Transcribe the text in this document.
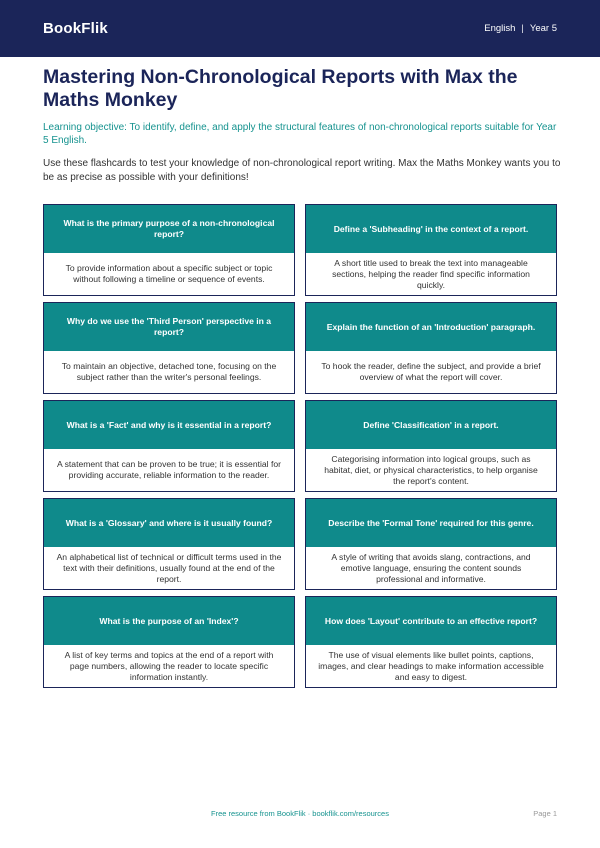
BookFlik	English | Year 5
Mastering Non-Chronological Reports with Max the Maths Monkey

Learning objective: To identify, define, and apply the structural features of non-chronological reports suitable for Year 5 English.

Use these flashcards to test your knowledge of non-chronological report writing. Max the Maths Monkey wants you to be as precise as possible with your definitions!

What is the primary purpose of a non-chronological report?
To provide information about a specific subject or topic without following a timeline or sequence of events.
Define a 'Subheading' in the context of a report.
A short title used to break the text into manageable sections, helping the reader find specific information quickly.
Why do we use the 'Third Person' perspective in a report?
To maintain an objective, detached tone, focusing on the subject rather than the writer's personal feelings.
Explain the function of an 'Introduction' paragraph.
To hook the reader, define the subject, and provide a brief overview of what the report will cover.
What is a 'Fact' and why is it essential in a report?
A statement that can be proven to be true; it is essential for providing accurate, reliable information to the reader.
Define 'Classification' in a report.
Categorising information into logical groups, such as habitat, diet, or physical characteristics, to help organise the report's content.
What is a 'Glossary' and where is it usually found?
An alphabetical list of technical or difficult terms used in the text with their definitions, usually found at the end of the report.
Describe the 'Formal Tone' required for this genre.
A style of writing that avoids slang, contractions, and emotive language, ensuring the content sounds professional and informative.
What is the purpose of an 'Index'?
A list of key terms and topics at the end of a report with page numbers, allowing the reader to locate specific information instantly.
How does 'Layout' contribute to an effective report?
The use of visual elements like bullet points, captions, images, and clear headings to make information accessible and easy to digest.
Free resource from BookFlik · bookflik.com/resources	Page 1
